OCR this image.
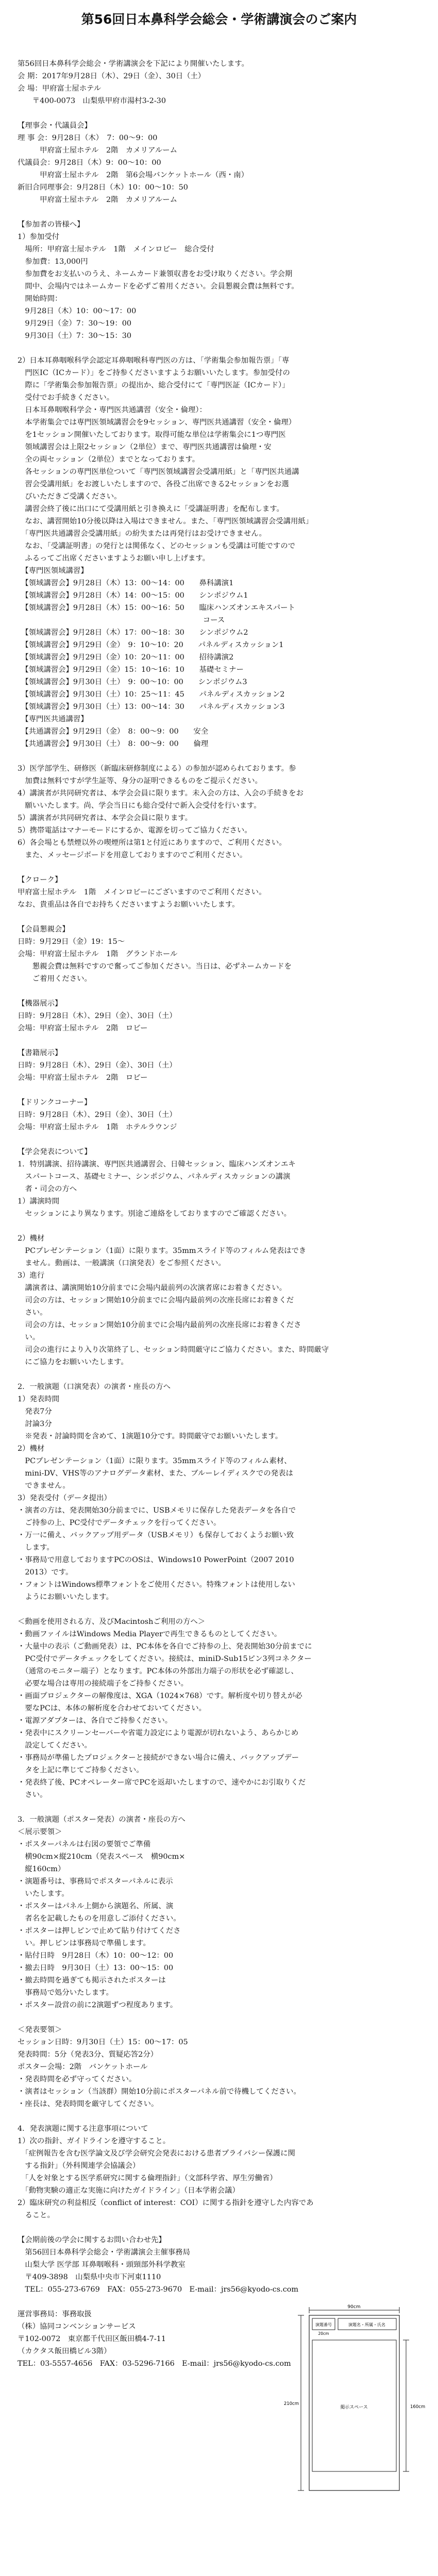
第56回日本鼻科学会総会・学術講演会のご案内
第56回日本鼻科学会総会・学術講演会を下記により開催いたします。
会 期：2017年9月28日（木）、29日（金）、30日（土）
会 場：甲府富士屋ホテル
　　〒400-0073　山梨県甲府市湯村3-2-30
【理事会・代議員会】
理 事 会：9月28日（木）　7：00～9：00
　　　甲府富士屋ホテル　2階　カメリアルーム
代議員会：9月28日（木）9：00～10：00
　　　甲府富士屋ホテル　2階　第6会場バンケットホール（西・南）
新旧合同理事会：9月28日（木）10：00～10：50
　　　甲府富士屋ホテル　2階　カメリアルーム
【参加者の皆様へ】
1）参加受付
　場所：甲府富士屋ホテル　1階　メインロビー　総合受付
　参加費：13,000円
　参加費をお支払いのうえ、ネームカード兼領収書をお受け取りください。学会期
　間中、会場内ではネームカードを必ずご着用ください。会員懇親会費は無料です。
　開始時間：
　9月28日（木）10：00～17：00
　9月29日（金）7：30～19：00
　9月30日（土）7：30～15：30
2）日本耳鼻咽喉科学会認定耳鼻咽喉科専門医の方は、「学術集会参加報告票」「専
　門医IC（ICカード）」をご持参くださいますようお願いいたします。参加受付の
　際に「学術集会参加報告票」の提出か、総合受付にて「専門医証（ICカード）」
　受付でお手続きください。
　日本耳鼻咽喉科学会・専門医共通講習（安全・倫理）：
　本学術集会では専門医領域講習会を9セッション、専門医共通講習（安全・倫理）
　を1セッション開催いたしております。取得可能な単位は学術集会に1つ専門医
　領域講習会は上限2セッション（2単位）まで、専門医共通講習は倫理・安
　全の両セッション（2単位）までとなっております。
　各セッションの専門医単位ついて「専門医領域講習会受講用紙」と「専門医共通講
　習会受講用紙」をお渡しいたしますので、各役ご出席できる2セッションをお選
　びいただきご受講ください。
　講習会終了後に出口にて受講用紙と引き換えに「受講証明書」を配布します。
　なお、講習開始10分後以降は入場はできません。また、「専門医領域講習会受講用紙」
　「専門医共通講習会受講用紙」の紛失または再発行はお受けできません。
　なお、「受講証明書」の発行とは関係なく、どのセッションも受講は可能ですので
　ふるってご出席くださいますようお願い申し上げます。
　【専門医領域講習】
　【領域講習会】9月28日（木）13：00～14：00　　鼻科講演1
　【領域講習会】9月28日（木）14：00～15：00　　シンポジウム1
　【領域講習会】9月28日（木）15：00～16：50　　臨床ハンズオンエキスパート
　　　　　　　　　　　　　　　　　　　　　　　　　コース
　【領域講習会】9月28日（木）17：00～18：30　　シンポジウム2
　【領域講習会】9月29日（金）　9：10～10：20　　パネルディスカッション1
　【領域講習会】9月29日（金）10：20～11：00　　招待講演2
　【領域講習会】9月29日（金）15：10～16：10　　基礎セミナー
　【領域講習会】9月30日（土）　9：00～10：00　　シンポジウム3
　【領域講習会】9月30日（土）10：25～11：45　　パネルディスカッション2
　【領域講習会】9月30日（土）13：00～14：30　　パネルディスカッション3
　【専門医共通講習】
　【共通講習会】9月29日（金）　8：00～9：00　　安全
　【共通講習会】9月30日（土）　8：00～9：00　　倫理
3）医学部学生、研修医（新臨床研修制度による）の参加が認められております。参
　加費は無料ですが学生証等、身分の証明できるものをご提示ください。
4）講演者が共同研究者は、本学会会員に限ります。未入会の方は、入会の手続きをお
　願いいたします。尚、学会当日にも総合受付で新入会受付を行います。
5）講演者が共同研究者は、本学会会員に限ります。
5）携帯電話はマナーモードにするか、電源を切ってご協力ください。
6）各会場とも禁煙以外の喫煙所は第1と付近にありますので、ご利用ください。
　また、メッセージボードを用意しておりますのでご利用ください。
【クローク】
甲府富士屋ホテル　1階　メインロビーにございますのでご利用ください。
なお、貴重品は各自でお持ちくださいますようお願いいたします。
【会員懇親会】
日時：9月29日（金）19：15～
会場：甲府富士屋ホテル　1階　グランドホール
　　懇親会費は無料ですので奮ってご参加ください。当日は、必ずネームカードを
　　ご着用ください。
【機器展示】
日時：9月28日（木）、29日（金）、30日（土）
会場：甲府富士屋ホテル　2階　ロビー
【書籍展示】
日時：9月28日（木）、29日（金）、30日（土）
会場：甲府富士屋ホテル　2階　ロビー
【ドリンクコーナー】
日時：9月28日（木）、29日（金）、30日（土）
会場：甲府富士屋ホテル　1階　ホテルラウンジ
【学会発表について】
1．特別講演、招待講演、専門医共通講習会、日韓セッション、臨床ハンズオンエキ
　スパートコース、基礎セミナー、シンポジウム、パネルディスカッションの講演
　者・司会の方へ
1）講演時間
　セッションにより異なります。別途ご連絡をしておりますのでご確認ください。
2）機材
　PCプレゼンテーション（1面）に限ります。35mmスライド等のフィルム発表はでき
　ません。動画は、一般講演（口演発表）をご参照ください。
3）進行
　講演者は、講演開始10分前までに会場内最前列の次演者席にお着きください。
　司会の方は、セッション開始10分前までに会場内最前列の次座長席にお着きくだ
　さい。
　司会の方は、セッション開始10分前までに会場内最前列の次座長席にお着きくださ
　い。
　司会の進行により入り次第終了し、セッション時間厳守にご協力ください。また、時間厳守
　にご協力をお願いいたします。
2．一般演題（口演発表）の演者・座長の方へ
1）発表時間
　発表7分
　討論3分
　※発表・討論時間を含めて、1演題10分です。時間厳守でお願いいたします。
2）機材
　PCプレゼンテーション（1面）に限ります。35mmスライド等のフィルム素材、
　mini-DV、VHS等のアナログデータ素材、また、ブルーレイディスクでの発表は
　できません。
3）発表受付（データ提出）
・演者の方は、発表開始30分前までに、USBメモリに保存した発表データを各自で
　ご持参の上、PC受付でデータチェックを行ってください。
・万一に備え、バックアップ用データ（USBメモリ）も保存しておくようお願い致
　します。
・事務局で用意しておりますPCのOSは、Windows10 PowerPoint（2007 2010
　2013）です。
・フォントはWindows標準フォントをご使用ください。特殊フォントは使用しない
　ようにお願いいたします。
＜動画を使用される方、及びMacintoshご利用の方へ＞
・動画ファイルはWindows Media Playerで再生できるものとしてください。
・大量中の表示（ご動画発表）は、PC本体を各自でご持参の上、発表開始30分前までに
　PC受付でデータチェックをしてください。接続は、miniD-Sub15ピン3列コネクター
　（通常のモニター端子）となります。PC本体の外部出力端子の形状を必ず確認し、
　必要な場合は専用の接続端子をご持参ください。
・画面プロジェクターの解像度は、XGA（1024×768）です。解析度や切り替えが必
　要なPCは、本体の解析度を合わせておいてください。
・電源アダプターは、各自でご持参ください。
・発表中にスクリーンセーバーや省電力設定により電源が切れないよう、あらかじめ
　設定してください。
・事務局が準備したプロジェクターと接続ができない場合に備え、バックアップデー
　タを上記に準じてご持参ください。
・発表終了後、PCオペレーター席でPCを返却いたしますので、速やかにお引取りくだ
　さい。
3．一般演題（ポスター発表）の演者・座長の方へ
＜展示要領＞
・ポスターパネルは右図の要領でご準備
　横90cm×縦210cm（発表スペース　横90cm×
　縦160cm）
・演題番号は、事務局でポスターパネルに表示
　いたします。
・ポスターはパネル上側から演題名、所属、演
　者名を記載したものを用意しご添付ください。
・ポスターは押しピンで止めて貼り付けてくださ
　い。押しピンは事務局で準備します。
・貼付日時　9月28日（木）10：00～12：00
・撤去日時　9月30日（土）13：00～15：00
・撤去時間を過ぎても掲示されたポスターは
　事務局で処分いたします。
・ポスター設営の前に2演題ずつ程度あります。
＜発表要領＞
セッション日時：9月30日（土）15：00～17：05
発表時間：5分（発表3分、質疑応答2分）
ポスター会場：2階　バンケットホール
・発表時間を必ず守ってください。
・演者はセッション（当該群）開始10分前にポスターパネル前で待機してください。
・座長は、発表時間を厳守してください。
4．発表演題に関する注意事項について
1）次の指針、ガイドラインを遵守すること。
　「症例報告を含む医学論文及び学会研究会発表における患者プライバシー保護に関
　する指針」（外科関連学会協議会）
　「人を対象とする医学系研究に関する倫理指針」（文部科学省、厚生労働省）
　「動物実験の適正な実施に向けたガイドライン」（日本学術会議）
2）臨床研究の利益相反（conflict of interest：COI）に関する指針を遵守した内容であ
　ること。
【会期前後の学会に関するお問い合わせ先】
　第56回日本鼻科学会総会・学術講演会主催事務局
　山梨大学 医学部 耳鼻咽喉科・頭頸部外科学教室
　〒409-3898　山梨県中央市下河東1110
　TEL：055-273-6769　FAX：055-273-9670　E-mail：jrs56@kyodo-cs.com
運営事務局：事務取扱
（株）協同コンベンションサービス
〒102-0072　東京都千代田区飯田橋4-7-11
（カクタス飯田橋ビル3階）
TEL：03-5557-4656　FAX：03-5296-7166　E-mail：jrs56@kyodo-cs.com
90cm
演題番号
20cm
演題名・所属・氏名
掲示スペース
210cm
160cm
